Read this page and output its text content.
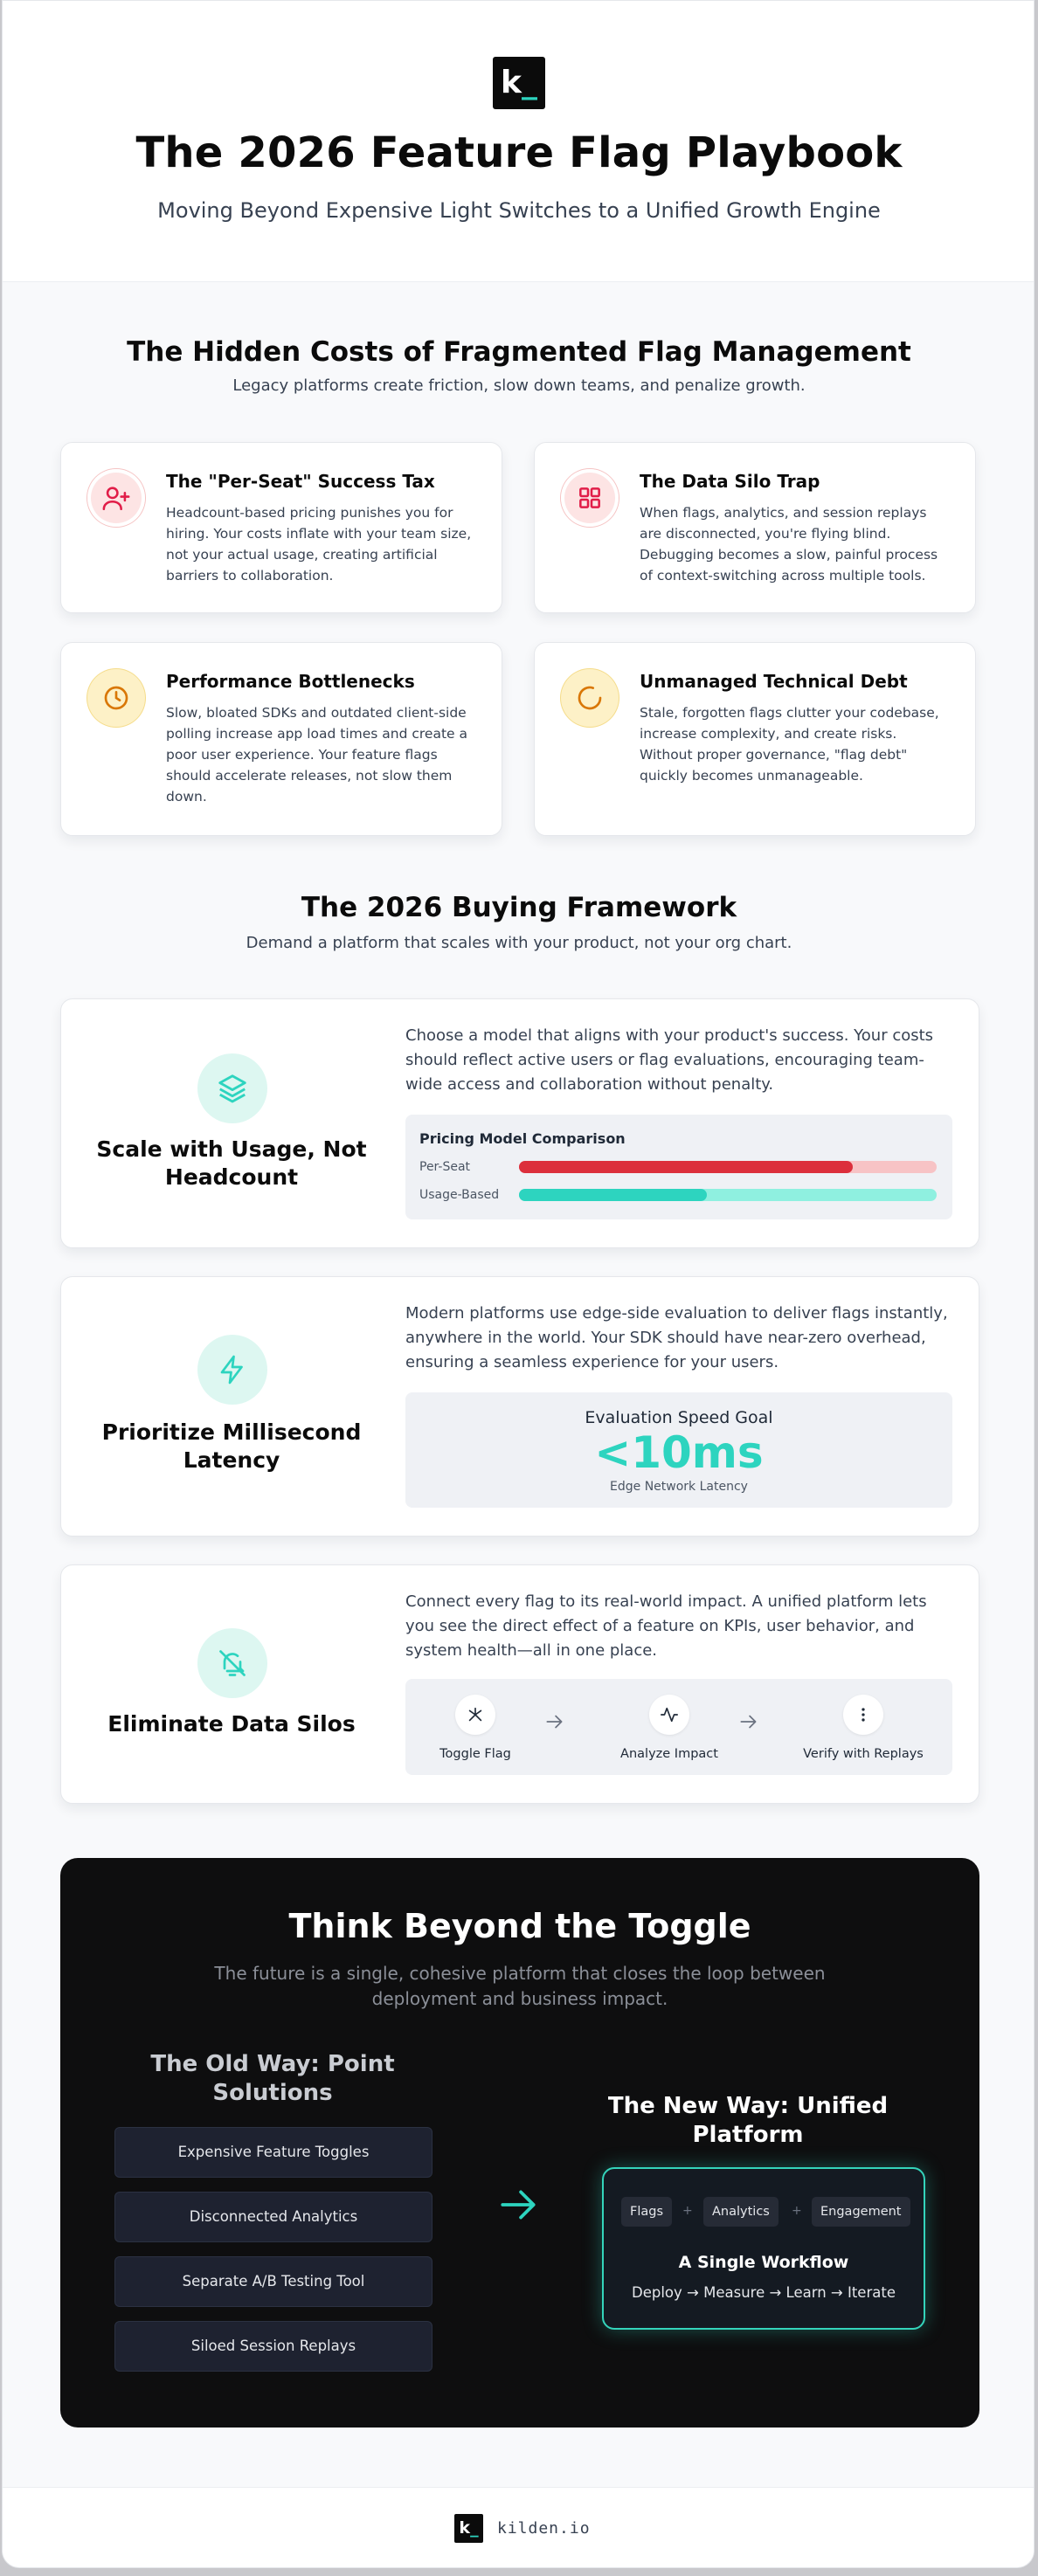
k_
The 2026 Feature Flag Playbook
Moving Beyond Expensive Light Switches to a Unified Growth Engine
The Hidden Costs of Fragmented Flag Management
Legacy platforms create friction, slow down teams, and penalize growth.
The "Per-Seat" Success Tax

Headcount-based pricing punishes you for hiring. Your costs inflate with your team size, not your actual usage, creating artificial barriers to collaboration.

The Data Silo Trap

When flags, analytics, and session replays are disconnected, you're flying blind. Debugging becomes a slow, painful process of context-switching across multiple tools.

Performance Bottlenecks

Slow, bloated SDKs and outdated client-side polling increase app load times and create a poor user experience. Your feature flags should accelerate releases, not slow them down.

Unmanaged Technical Debt

Stale, forgotten flags clutter your codebase, increase complexity, and create risks. Without proper governance, "flag debt" quickly becomes unmanageable.

The 2026 Buying Framework
Demand a platform that scales with your product, not your org chart.
Scale with Usage, Not Headcount
Choose a model that aligns with your product's success. Your costs should reflect active users or flag evaluations, encouraging team-wide access and collaboration without penalty.
Pricing Model Comparison
Per-Seat
Usage-Based
Prioritize Millisecond Latency
Modern platforms use edge-side evaluation to deliver flags instantly, anywhere in the world. Your SDK should have near-zero overhead, ensuring a seamless experience for your users.
Evaluation Speed Goal
<10ms
Edge Network Latency
Eliminate Data Silos
Connect every flag to its real-world impact. A unified platform lets you see the direct effect of a feature on KPIs, user behavior, and system health—all in one place.
Toggle Flag	Analyze Impact	Verify with Replays
Think Beyond the Toggle
The future is a single, cohesive platform that closes the loop between deployment and business impact.
The Old Way: Point Solutions
Expensive Feature Toggles
Disconnected Analytics
Separate A/B Testing Tool
Siloed Session Replays
The New Way: Unified Platform
Flags	+	Analytics	+	Engagement
A Single Workflow
Deploy → Measure → Learn → Iterate
k_	kilden.io
